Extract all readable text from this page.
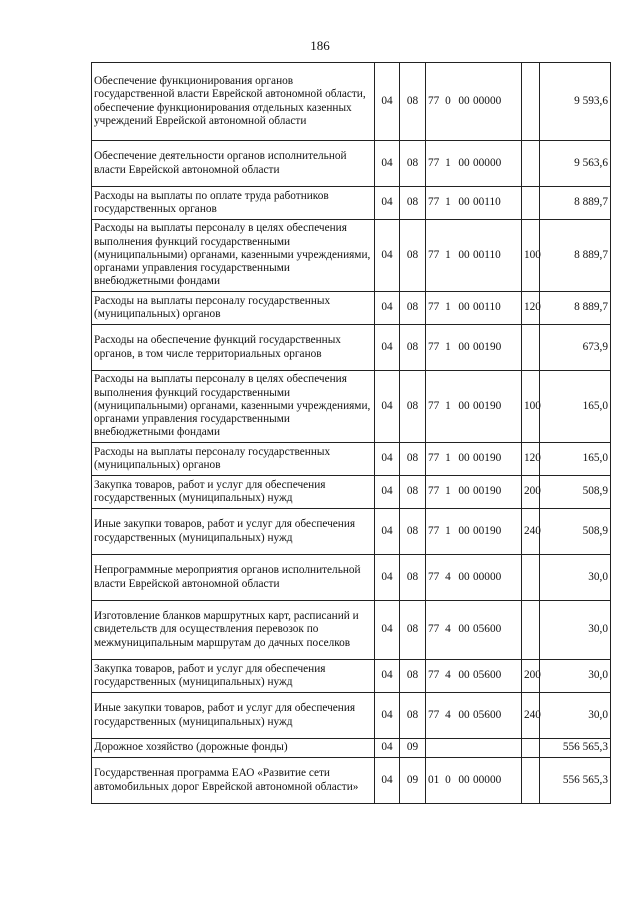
186
Обеспечение функционирования органов государственной власти Еврейской автономной области, обеспечение функционирования отдельных казенных учреждений Еврейской автономной области	04	08	77 0 00 00000		9 593,6
Обеспечение деятельности органов исполнительной власти Еврейской автономной области	04	08	77 1 00 00000		9 563,6
Расходы на выплаты по оплате труда работников государственных органов	04	08	77 1 00 00110		8 889,7
Расходы на выплаты персоналу в целях обеспечения выполнения функций государственными (муниципальными) органами, казенными учреждениями, органами управления государственными внебюджетными фондами	04	08	77 1 00 00110	100	8 889,7
Расходы на выплаты персоналу государственных (муниципальных) органов	04	08	77 1 00 00110	120	8 889,7
Расходы на обеспечение функций государственных органов, в том числе территориальных органов	04	08	77 1 00 00190		673,9
Расходы на выплаты персоналу в целях обеспечения выполнения функций государственными (муниципальными) органами, казенными учреждениями, органами управления государственными внебюджетными фондами	04	08	77 1 00 00190	100	165,0
Расходы на выплаты персоналу государственных (муниципальных) органов	04	08	77 1 00 00190	120	165,0
Закупка товаров, работ и услуг для обеспечения государственных (муниципальных) нужд	04	08	77 1 00 00190	200	508,9
Иные закупки товаров, работ и услуг для обеспечения государственных (муниципальных) нужд	04	08	77 1 00 00190	240	508,9
Непрограммные мероприятия органов исполнительной власти Еврейской автономной области	04	08	77 4 00 00000		30,0
Изготовление бланков маршрутных карт, расписаний и свидетельств для осуществления перевозок по межмуниципальным маршрутам до дачных поселков	04	08	77 4 00 05600		30,0
Закупка товаров, работ и услуг для обеспечения государственных (муниципальных) нужд	04	08	77 4 00 05600	200	30,0
Иные закупки товаров, работ и услуг для обеспечения государственных (муниципальных) нужд	04	08	77 4 00 05600	240	30,0
Дорожное хозяйство (дорожные фонды)	04	09			556 565,3
Государственная программа ЕАО «Развитие сети автомобильных дорог Еврейской автономной области»	04	09	01 0 00 00000		556 565,3
